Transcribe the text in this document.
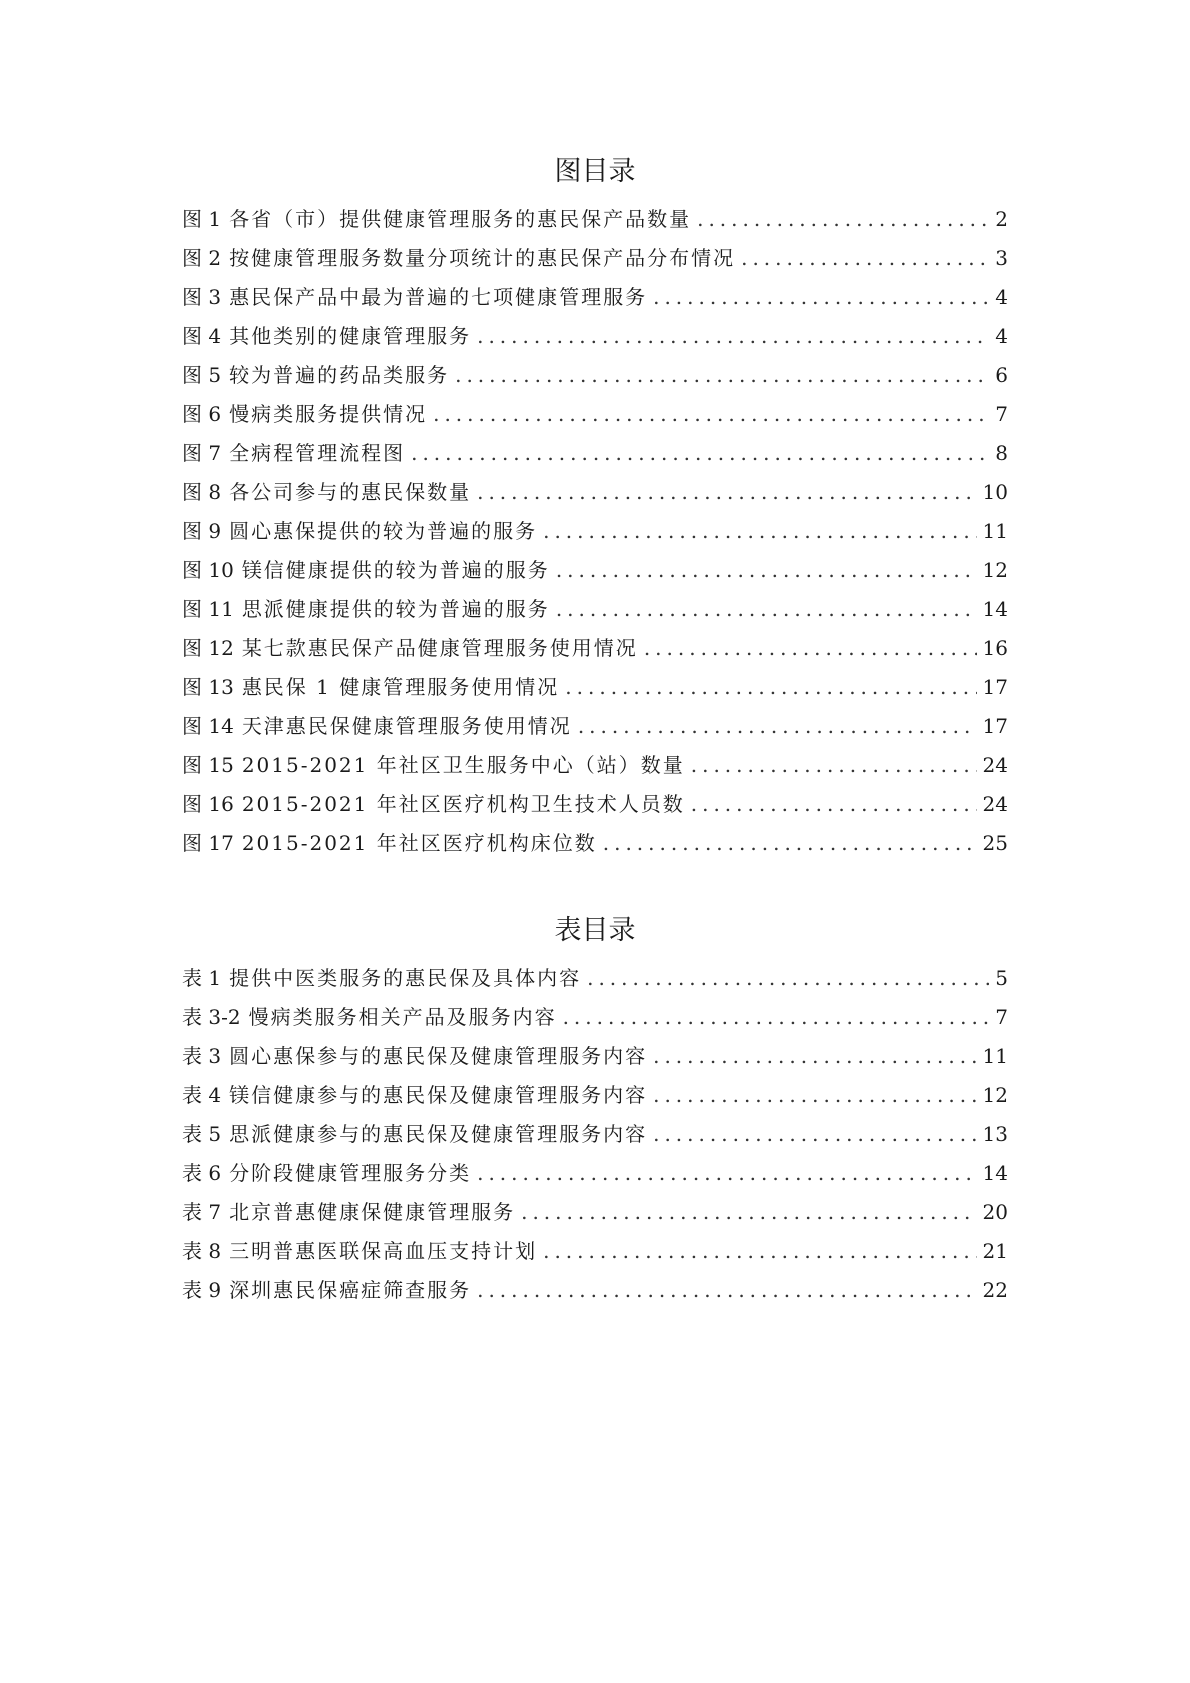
图目录
图 1 各省（市）提供健康管理服务的惠民保产品数量 .....	2
图 2 按健康管理服务数量分项统计的惠民保产品分布情况 .....	3
图 3 惠民保产品中最为普遍的七项健康管理服务 .....	4
图 4 其他类别的健康管理服务 .....	4
图 5 较为普遍的药品类服务 .....	6
图 6 慢病类服务提供情况 .....	7
图 7 全病程管理流程图 .....	8
图 8 各公司参与的惠民保数量 .....	10
图 9 圆心惠保提供的较为普遍的服务 .....	11
图 10 镁信健康提供的较为普遍的服务 .....	12
图 11 思派健康提供的较为普遍的服务 .....	14
图 12 某七款惠民保产品健康管理服务使用情况 .....	16
图 13 惠民保 1 健康管理服务使用情况 .....	17
图 14 天津惠民保健康管理服务使用情况 .....	17
图 15 2015-2021 年社区卫生服务中心（站）数量 .....	24
图 16 2015-2021 年社区医疗机构卫生技术人员数 .....	24
图 17 2015-2021 年社区医疗机构床位数 .....	25
表目录
表 1 提供中医类服务的惠民保及具体内容 .....	5
表 3-2 慢病类服务相关产品及服务内容 .....	7
表 3 圆心惠保参与的惠民保及健康管理服务内容 .....	11
表 4 镁信健康参与的惠民保及健康管理服务内容 .....	12
表 5 思派健康参与的惠民保及健康管理服务内容 .....	13
表 6 分阶段健康管理服务分类 .....	14
表 7 北京普惠健康保健康管理服务 .....	20
表 8 三明普惠医联保高血压支持计划 .....	21
表 9 深圳惠民保癌症筛查服务 .....	22
